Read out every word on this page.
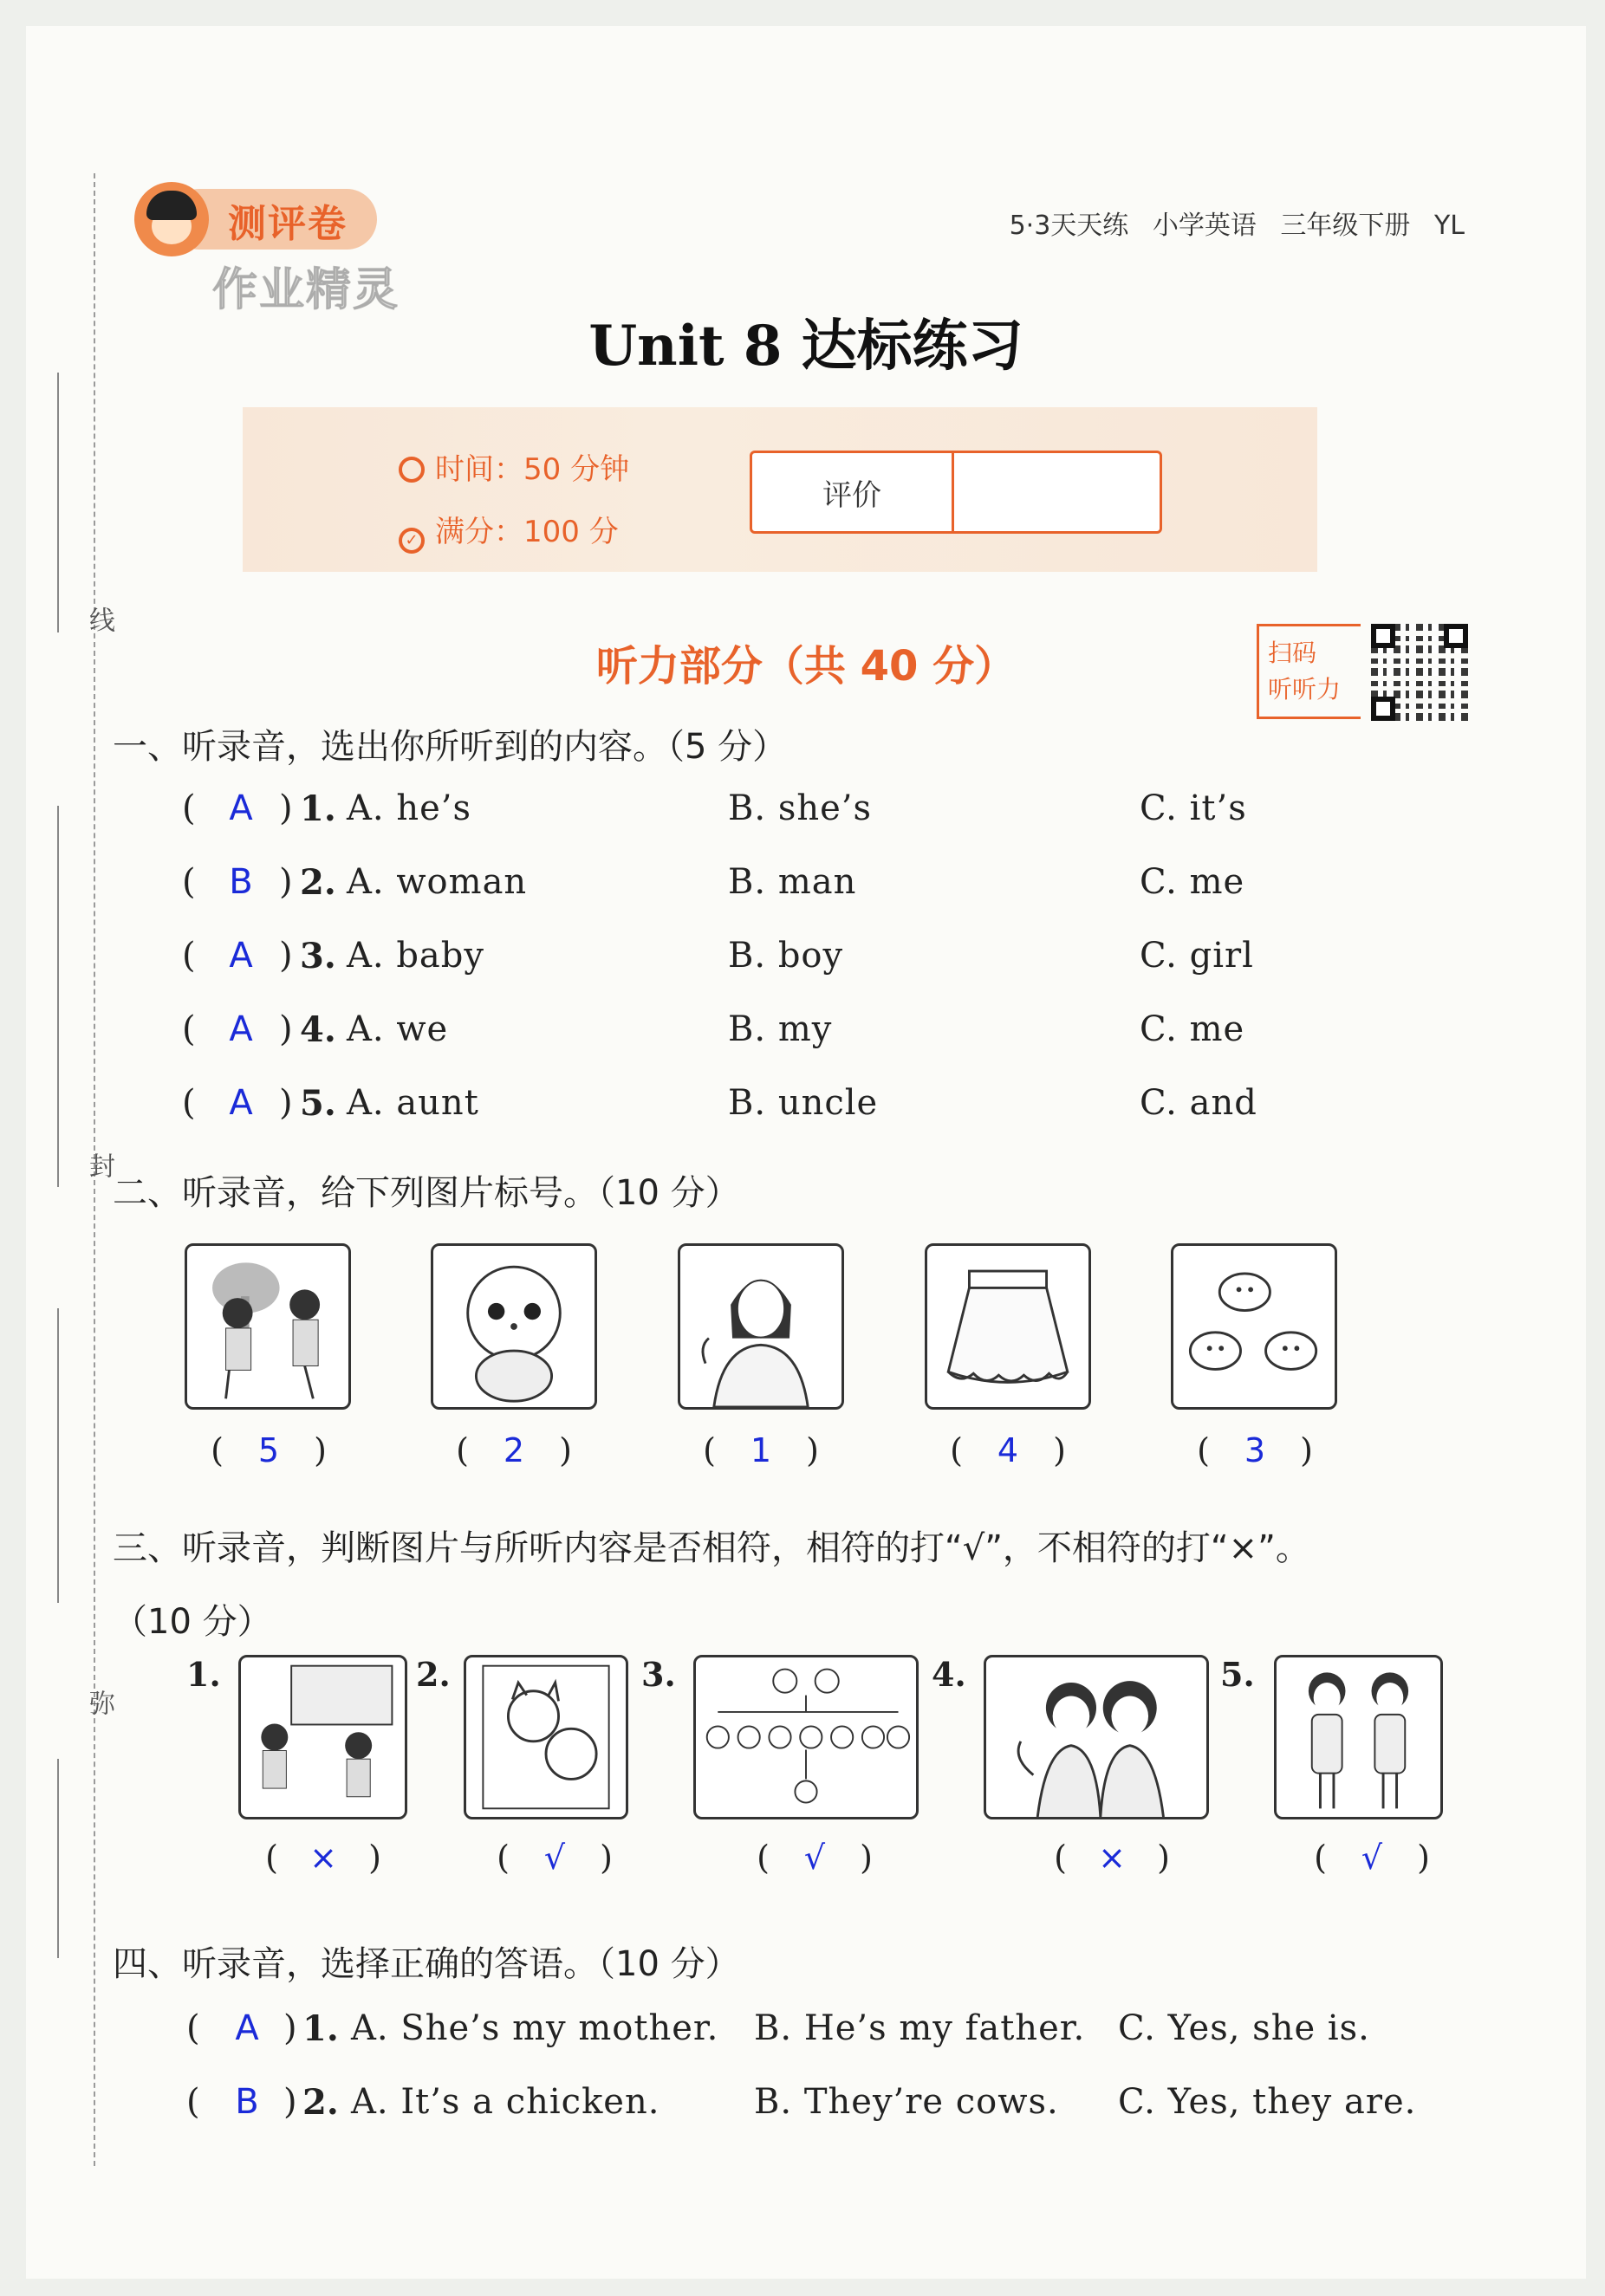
线
封
弥
测评卷
作业精灵
5·3天天练 小学英语 三年级下册 YL
Unit 8 达标练习
时间：50 分钟
✓ 满分：100 分
评价
听力部分（共 40 分）	扫码
听听力
一、听录音，选出你所听到的内容。（5 分）
( A ) 1. A. he’s	B. she’s	C. it’s
( B ) 2. A. woman	B. man	C. me
( A ) 3. A. baby	B. boy	C. girl
( A ) 4. A. we	B. my	C. me
( A ) 5. A. aunt	B. uncle	C. and
二、听录音，给下列图片标号。（10 分）
( 5 )	( 2 )	( 1 )	( 4 )	( 3 )
三、听录音，判断图片与所听内容是否相符，相符的打“√”，不相符的打“×”。
（10 分）
1.	2.	3.	4.	5.
( × )	( √ )	( √ )	( × )	( √ )
四、听录音，选择正确的答语。（10 分）
( A ) 1. A. She’s my mother. B. He’s my father. C. Yes, she is.
( B ) 2. A. It’s a chicken.	B. They’re cows. C. Yes, they are.
